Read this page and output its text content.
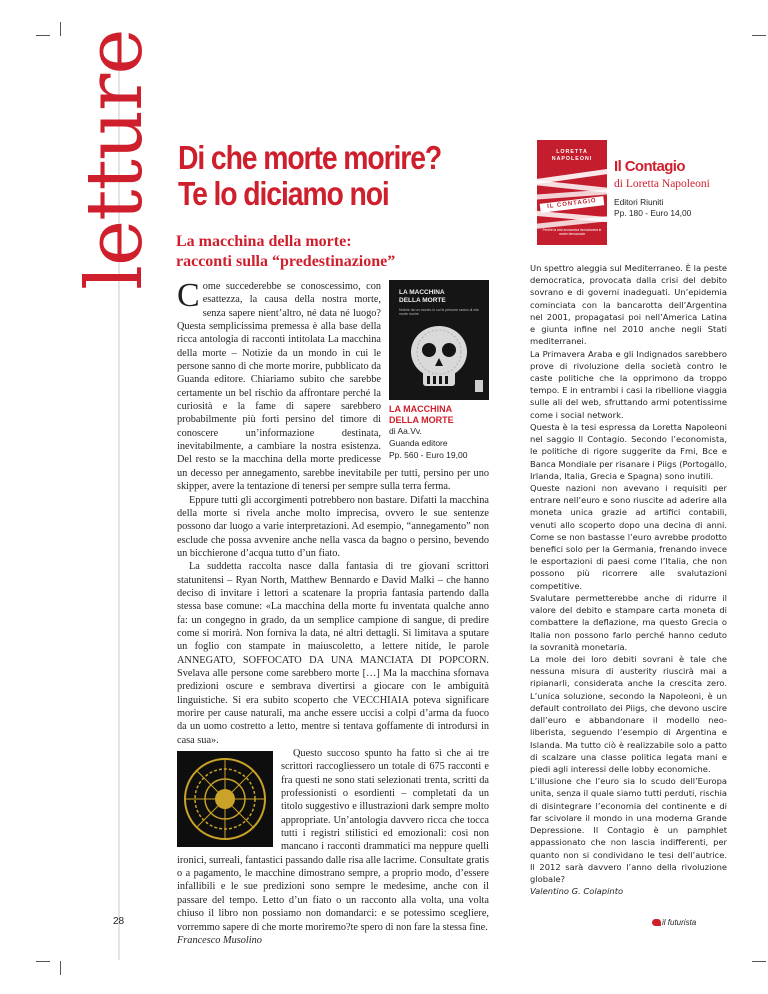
letture Di che morte morire?
Te lo diciamo noi
La macchina della morte:
racconti sulla “predestinazione”
LA MACCHINA
DELLA MORTE
Notizie da un mondo in cui le persone sanno di che morte morire
LA MACCHINA
DELLA MORTE
di Aa.Vv.
Guanda editore
Pp. 560 - Euro 19,00

Come succederebbe se conoscessimo, con esattezza, la causa della nostra morte, senza sapere nient’altro, né data né luogo? Questa semplicissima premessa è alla base della ricca antologia di racconti intitolata La macchina della morte – Notizie da un mondo in cui le persone sanno di che morte morire, pubblicato da Guanda editore. Chiariamo subito che sarebbe certamente un bel rischio da affrontare perché la curiosità e la fame di sapere sarebbero probabilmente più forti persino del timore di conoscere un’informazione destinata, inevitabilmente, a cambiare la nostra esistenza. Del resto se la macchina della morte predicesse un decesso per annegamento, sarebbe inevitabile per tutti, persino per uno skipper, avere la tentazione di tenersi per sempre sulla terra ferma.

Eppure tutti gli accorgimenti potrebbero non bastare. Difatti la macchina della morte si rivela anche molto imprecisa, ovvero le sue sentenze possono dar luogo a varie interpretazioni. Ad esempio, “annegamento” non esclude che possa avvenire anche nella vasca da bagno o persino, bevendo un bicchierone d’acqua tutto d’un fiato.

La suddetta raccolta nasce dalla fantasia di tre giovani scrittori statunitensi – Ryan North, Matthew Bennardo e David Malki – che hanno deciso di invitare i lettori a scatenare la propria fantasia partendo dalla stessa base comune: «La macchina della morte fu inventata qualche anno fa: un congegno in grado, da un semplice campione di sangue, di predire come si morirà. Non forniva la data, né altri dettagli. Si limitava a sputare un foglio con stampate in maiuscoletto, a lettere nitide, le parole ANNEGATO, SOFFOCATO DA UNA MANCIATA DI POPCORN. Svelava alle persone come sarebbero morte […] Ma la macchina sfornava predizioni oscure e sembrava divertirsi a giocare con le ambiguità linguistiche. Si era subito scoperto che VECCHIAIA poteva significare morire per cause naturali, ma anche essere uccisi a colpi d’arma da fuoco da un uomo costretto a letto, mentre si tentava goffamente di introdursi in casa sua».

Questo succoso spunto ha fatto sì che ai tre scrittori raccogliessero un totale di 675 racconti e fra questi ne sono stati selezionati trenta, scritti da professionisti o esordienti – completati da un titolo suggestivo e illustrazioni dark sempre molto appropriate. Un’antologia davvero ricca che tocca tutti i registri stilistici ed emozionali: così non mancano i racconti drammatici ma neppure quelli ironici, surreali, fantastici passando dalle risa alle lacrime. Consultate gratis o a pagamento, le macchine dimostrano sempre, a proprio modo, d’essere infallibili e le sue predizioni sono sempre le medesime, anche con il passare del tempo. Letto d’un fiato o un racconto alla volta, una volta chiuso il libro non possiamo non domandarci: e se potessimo scegliere, vorremmo sapere di che morte moriremo?te spero di non fare la stessa fine.

Francesco Musolino

LORETTA
NAPOLEONI
IL CONTAGIO
Perché la crisi economica rivoluzionerà le nostre democrazie
Il Contagio
di Loretta Napoleoni
Editori Riuniti
Pp. 180 - Euro 14,00

Un spettro aleggia sul Mediterraneo. È la peste democratica, provocata dalla crisi del debito sovrano e di governi inadeguati. Un’epidemia cominciata con la bancarotta dell’Argentina nel 2001, propagatasi poi nell’America Latina e giunta infine nel 2010 anche negli Stati mediterranei.

La Primavera Araba e gli Indignados sarebbero prove di rivoluzione della società contro le caste politiche che la opprimono da troppo tempo. E in entrambi i casi la ribellione viaggia sulle ali del web, sfruttando armi potentissime come i social network.

Questa è la tesi espressa da Loretta Napoleoni nel saggio Il Contagio. Secondo l’economista, le politiche di rigore suggerite da Fmi, Bce e Banca Mondiale per risanare i Piigs (Portogallo, Irlanda, Italia, Grecia e Spagna) sono inutili.

Queste nazioni non avevano i requisiti per entrare nell’euro e sono riuscite ad aderire alla moneta unica grazie ad artifici contabili, venuti allo scoperto dopo una decina di anni. Come se non bastasse l’euro avrebbe prodotto benefici solo per la Germania, frenando invece le esportazioni di paesi come l’Italia, che non possono più ricorrere alle svalutazioni competitive.

Svalutare permetterebbe anche di ridurre il valore del debito e stampare carta moneta di combattere la deflazione, ma questo Grecia o Italia non possono farlo perché hanno ceduto la sovranità monetaria.

La mole dei loro debiti sovrani è tale che nessuna misura di austerity riuscirà mai a ripianarli, considerata anche la crescita zero. L’unica soluzione, secondo la Napoleoni, è un default controllato dei Piigs, che devono uscire dall’euro e abbandonare il modello neo-liberista, seguendo l’esempio di Argentina e Islanda. Ma tutto ciò è realizzabile solo a patto di scalzare una classe politica legata mani e piedi agli interessi delle lobby economiche.

L’illusione che l’euro sia lo scudo dell’Europa unita, senza il quale siamo tutti perduti, rischia di disintegrare l’economia del continente e di far scivolare il mondo in una moderna Grande Depressione. Il Contagio è un pamphlet appassionato che non lascia indifferenti, per quanto non si condividano le tesi dell’autrice. Il 2012 sarà davvero l’anno della rivoluzione globale?

Valentino G. Colapinto

28	il futurista
